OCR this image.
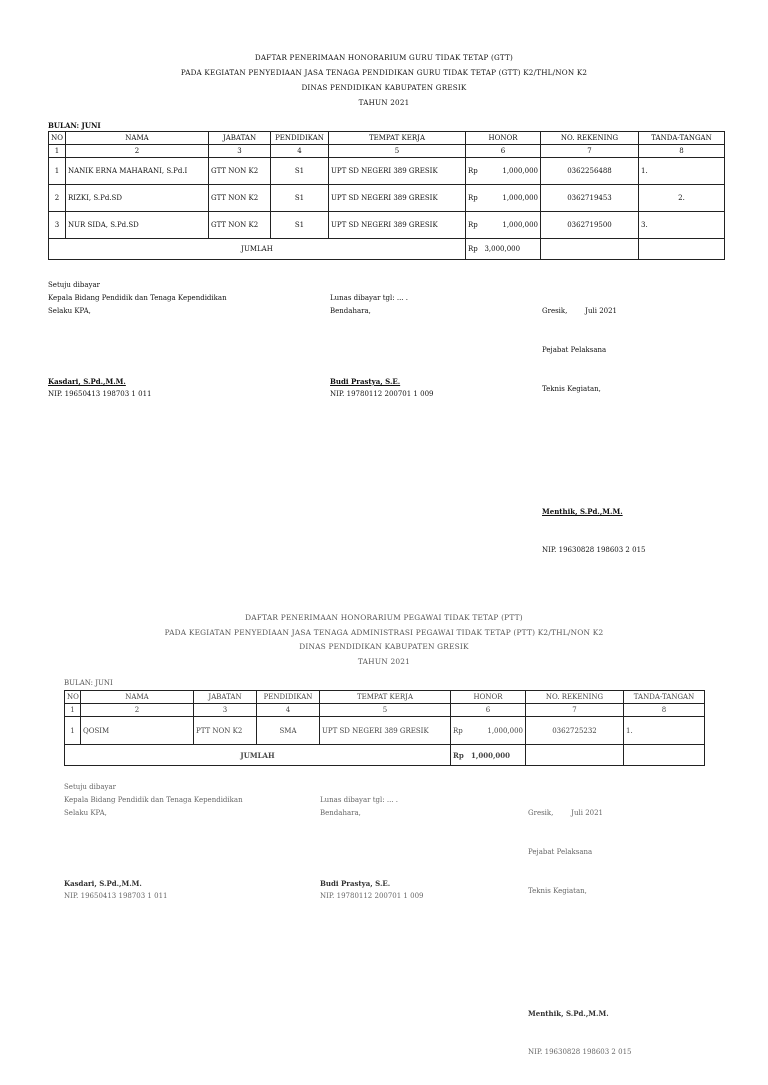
DAFTAR PENERIMAAN HONORARIUM GURU TIDAK TETAP (GTT)
PADA KEGIATAN PENYEDIAAN JASA TENAGA PENDIDIKAN GURU TIDAK TETAP (GTT) K2/THL/NON K2
DINAS PENDIDIKAN KABUPATEN GRESIK
TAHUN 2021
BULAN: JUNI
NO	NAMA	JABATAN	PENDIDIKAN	TEMPAT KERJA	HONOR	NO. REKENING	TANDA-TANGAN
1	2	3	4	5	6	7	8
1	NANIK ERNA MAHARANI, S.Pd.I	GTT NON K2	S1	UPT SD NEGERI 389 GRESIK	Rp 1,000,000	0362256488	1.
2	RIZKI, S.Pd.SD	GTT NON K2	S1	UPT SD NEGERI 389 GRESIK	Rp 1,000,000	0362719453	2.
3	NUR SIDA, S.Pd.SD	GTT NON K2	S1	UPT SD NEGERI 389 GRESIK	Rp 1,000,000	0362719500	3.
JUMLAH					Rp 3,000,000		
Setuju dibayar
Kepala Bidang Pendidik dan Tenaga Kependidikan
Selaku KPA,
Kasdari, S.Pd.,M.M.
NIP. 19650413 198703 1 011

Lunas dibayar tgl: ... .
Bendahara,
Budi Prastya, S.E.
NIP. 19780112 200701 1 009

Gresik,        Juli 2021

Pejabat Pelaksana

Teknis Kegiatan,

Menthik, S.Pd.,M.M.

NIP. 19630828 198603 2 015

DAFTAR PENERIMAAN HONORARIUM PEGAWAI TIDAK TETAP (PTT)
PADA KEGIATAN PENYEDIAAN JASA TENAGA ADMINISTRASI PEGAWAI TIDAK TETAP (PTT) K2/THL/NON K2
DINAS PENDIDIKAN KABUPATEN GRESIK
TAHUN 2021
BULAN: JUNI
NO	NAMA	JABATAN	PENDIDIKAN	TEMPAT KERJA	HONOR	NO. REKENING	TANDA-TANGAN
1	2	3	4	5	6	7	8
1	QOSIM	PTT NON K2	SMA	UPT SD NEGERI 389 GRESIK	Rp 1,000,000	0362725232	1.
JUMLAH					Rp 1,000,000		
Setuju dibayar
Kepala Bidang Pendidik dan Tenaga Kependidikan
Selaku KPA,
Kasdari, S.Pd.,M.M.
NIP. 19650413 198703 1 011

Lunas dibayar tgl: ... .
Bendahara,
Budi Prastya, S.E.
NIP. 19780112 200701 1 009

Gresik,        Juli 2021

Pejabat Pelaksana

Teknis Kegiatan,

Menthik, S.Pd.,M.M.

NIP. 19630828 198603 2 015
